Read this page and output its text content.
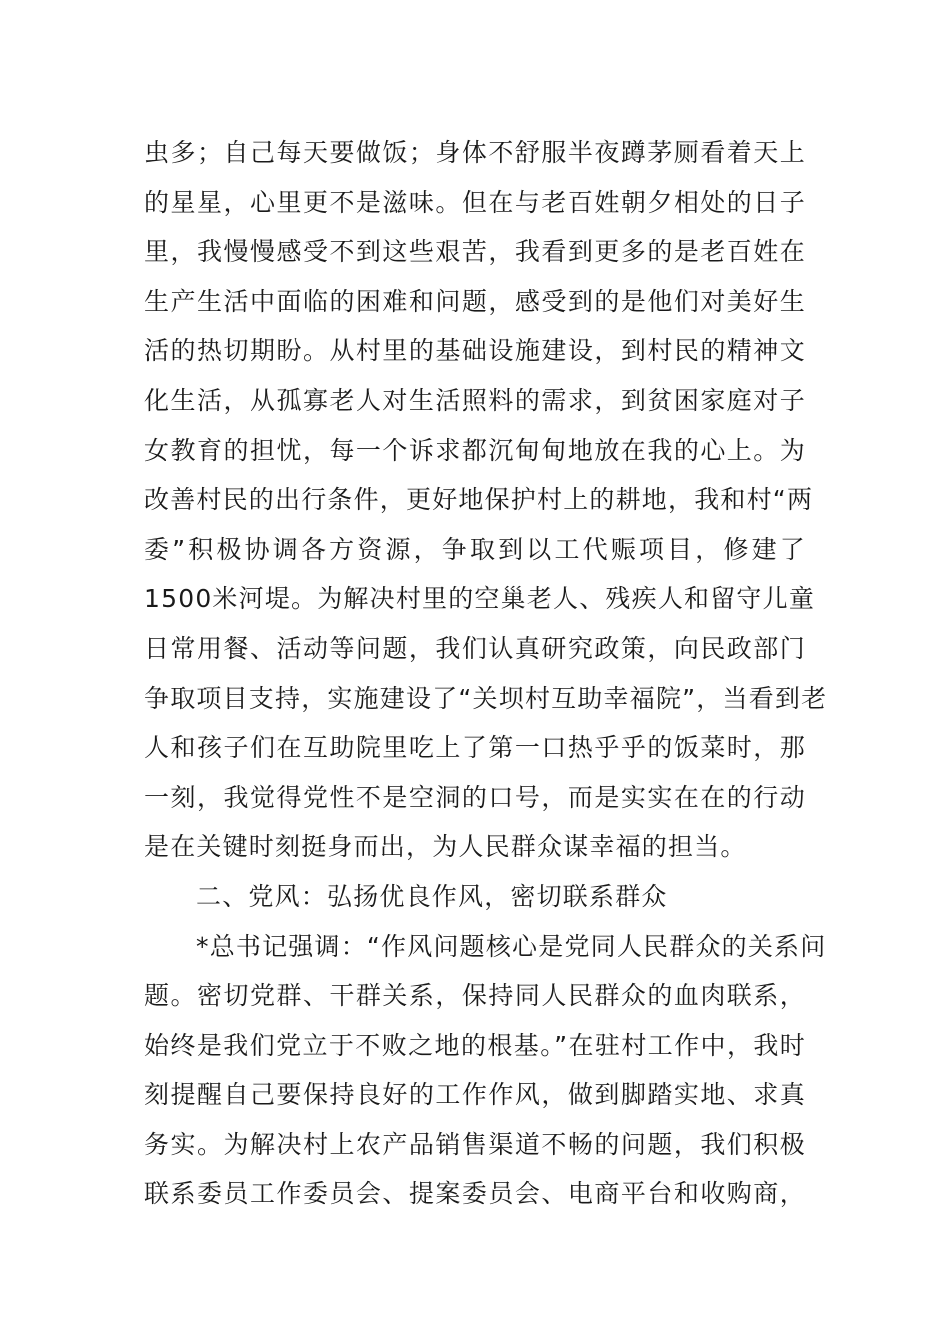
虫多；自己每天要做饭；身体不舒服半夜蹲茅厕看着天上
的星星，心里更不是滋味。但在与老百姓朝夕相处的日子
里，我慢慢感受不到这些艰苦，我看到更多的是老百姓在
生产生活中面临的困难和问题，感受到的是他们对美好生
活的热切期盼。从村里的基础设施建设，到村民的精神文
化生活，从孤寡老人对生活照料的需求，到贫困家庭对子
女教育的担忧，每一个诉求都沉甸甸地放在我的心上。为
改善村民的出行条件，更好地保护村上的耕地，我和村“两
委”积极协调各方资源，争取到以工代赈项目，修建了
1500米河堤。为解决村里的空巢老人、残疾人和留守儿童
日常用餐、活动等问题，我们认真研究政策，向民政部门
争取项目支持，实施建设了“关坝村互助幸福院”，当看到老
人和孩子们在互助院里吃上了第一口热乎乎的饭菜时，那
一刻，我觉得党性不是空洞的口号，而是实实在在的行动
是在关键时刻挺身而出，为人民群众谋幸福的担当。
二、党风：弘扬优良作风，密切联系群众
*总书记强调：“作风问题核心是党同人民群众的关系问
题。密切党群、干群关系，保持同人民群众的血肉联系，
始终是我们党立于不败之地的根基。”在驻村工作中，我时
刻提醒自己要保持良好的工作作风，做到脚踏实地、求真
务实。为解决村上农产品销售渠道不畅的问题，我们积极
联系委员工作委员会、提案委员会、电商平台和收购商，
